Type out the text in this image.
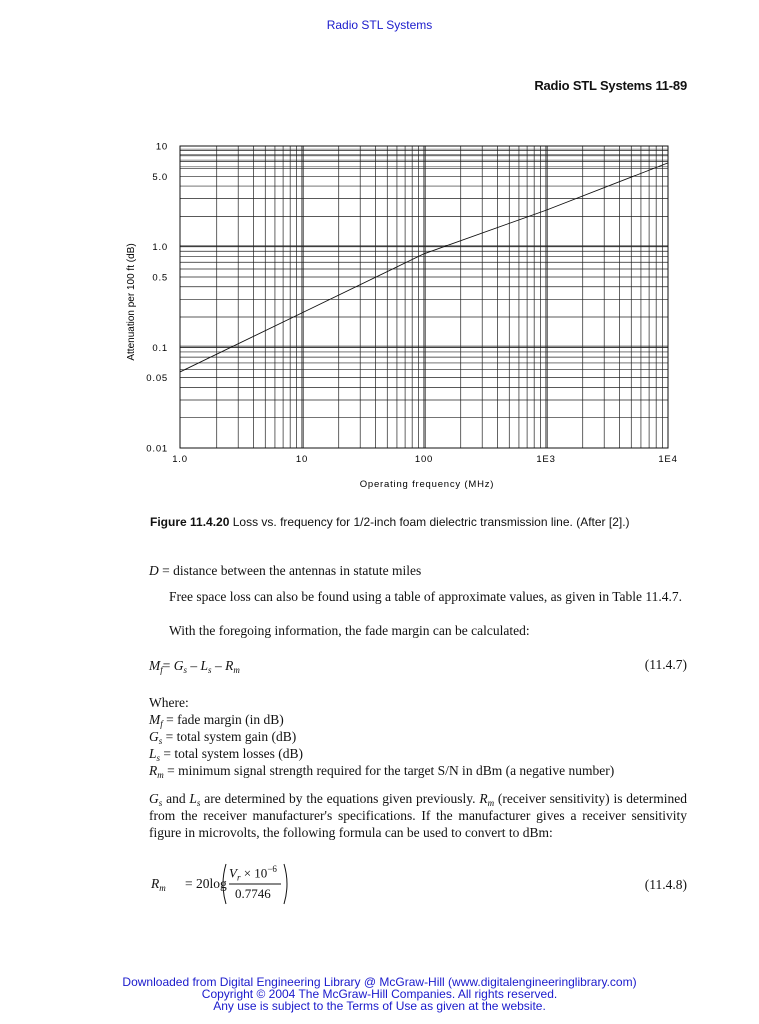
Radio STL Systems
Radio STL Systems 11-89
10
5.0
1.0
0.5
0.1
0.05
0.01
1.0	10	100	1E3	1E4
Operating frequency (MHz)
Attenuation per 100 ft (dB)
Figure 11.4.20 Loss vs. frequency for 1/2-inch foam dielectric transmission line. (After [2].)
D = distance between the antennas in statute miles
Free space loss can also be found using a table of approximate values, as given in Table 11.4.7.
With the foregoing information, the fade margin can be calculated:
$M_f= G_s - L_s - R_m$	(11.4.7)
Where:
$M_f$ = fade margin (in dB)
$G_s$ = total system gain (dB)
$L_s$ = total system losses (dB)
$R_m$ = minimum signal strength required for the target S/N in dBm (a negative number)
$G_s$ and $L_s$ are determined by the equations given previously. $R_m$ (receiver sensitivity) is determined from the receiver manufacturer's specifications. If the manufacturer gives a receiver sensitivity figure in microvolts, the following formula can be used to convert to dBm:
$R_m = 20\log$
$V_r \times 10^{-6}$
0.7746
(11.4.8)
Downloaded from Digital Engineering Library @ McGraw-Hill (www.digitalengineeringlibrary.com)
Copyright © 2004 The McGraw-Hill Companies. All rights reserved.
Any use is subject to the Terms of Use as given at the website.
